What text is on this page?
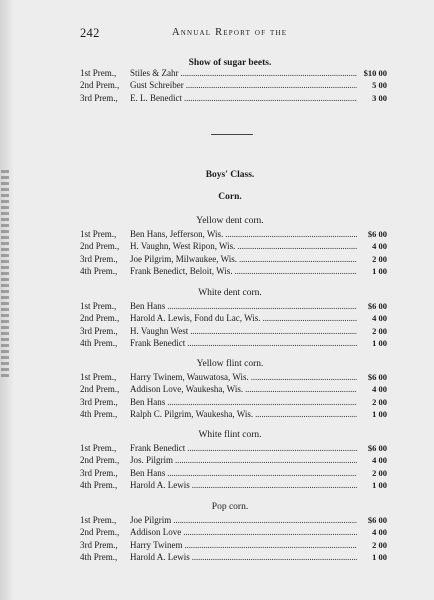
242	Annual Report of the
Show of sugar beets.
1st Prem.,	Stiles & Zahr . . .	$10 00
2nd Prem.,	Gust Schreiber . . .	5 00
3rd Prem.,	E. L. Benedict . . .	3 00
Boys' Class.
Corn.
Yellow dent corn.
1st Prem.,	Ben Hans, Jefferson, Wis. . . .	$6 00
2nd Prem.,	H. Vaughn, West Ripon, Wis. . . .	4 00
3rd Prem.,	Joe Pilgrim, Milwaukee, Wis. . . .	2 00
4th Prem.,	Frank Benedict, Beloit, Wis. . . .	1 00
White dent corn.
1st Prem.,	Ben Hans . . .	$6 00
2nd Prem.,	Harold A. Lewis, Fond du Lac, Wis. . . .	4 00
3rd Prem.,	H. Vaughn West . . .	2 00
4th Prem.,	Frank Benedict . . .	1 00
Yellow flint corn.
1st Prem.,	Harry Twinem, Wauwatosa, Wis. . . .	$6 00
2nd Prem.,	Addison Love, Waukesha, Wis. . . .	4 00
3rd Prem.,	Ben Hans . . .	2 00
4th Prem.,	Ralph C. Pilgrim, Waukesha, Wis. . . .	1 00
White flint corn.
1st Prem.,	Frank Benedict . . .	$6 00
2nd Prem.,	Jos. Pilgrim . . .	4 00
3rd Prem.,	Ben Hans . . .	2 00
4th Prem.,	Harold A. Lewis . . .	1 00
Pop corn.
1st Prem.,	Joe Pilgrim . . .	$6 00
2nd Prem.,	Addison Love . . .	4 00
3rd Prem.,	Harry Twinem . . .	2 00
4th Prem.,	Harold A. Lewis . . .	1 00
